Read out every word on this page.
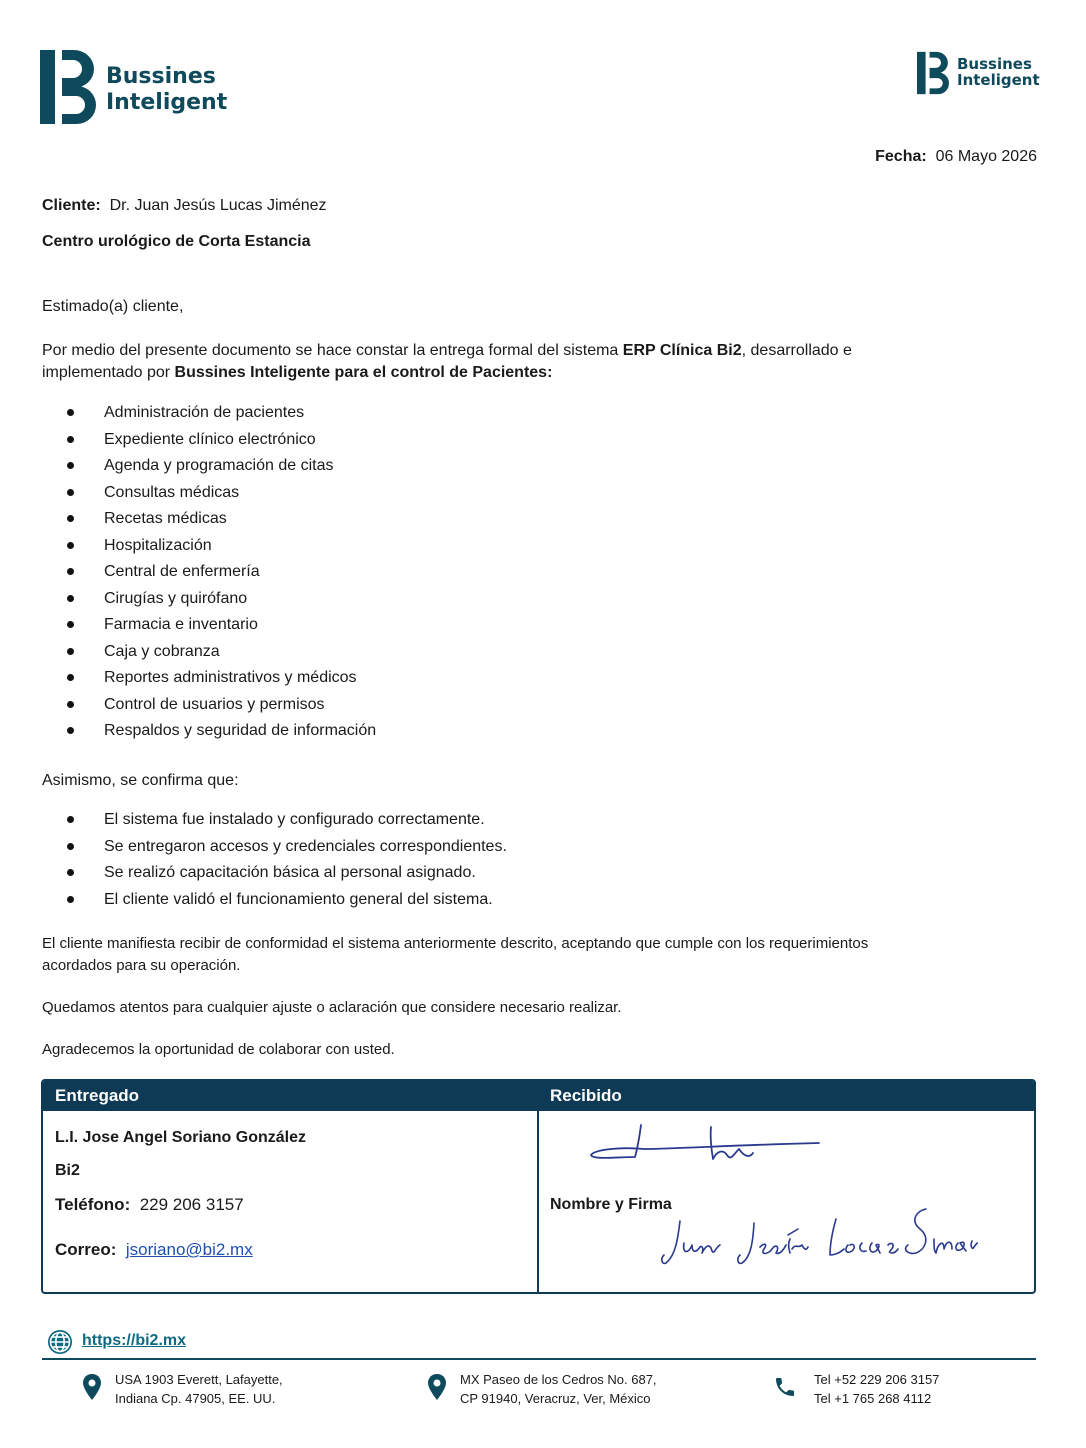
Bussines
Inteligent
Bussines
Inteligent
Fecha: 06 Mayo 2026
Cliente: Dr. Juan Jesús Lucas Jiménez
Centro urológico de Corta Estancia
Estimado(a) cliente,
Por medio del presente documento se hace constar la entrega formal del sistema ERP Clínica Bi2, desarrollado e
implementado por Bussines Inteligente para el control de Pacientes:
Administración de pacientes
Expediente clínico electrónico
Agenda y programación de citas
Consultas médicas
Recetas médicas
Hospitalización
Central de enfermería
Cirugías y quirófano
Farmacia e inventario
Caja y cobranza
Reportes administrativos y médicos
Control de usuarios y permisos
Respaldos y seguridad de información
Asimismo, se confirma que:
El sistema fue instalado y configurado correctamente.
Se entregaron accesos y credenciales correspondientes.
Se realizó capacitación básica al personal asignado.
El cliente validó el funcionamiento general del sistema.
El cliente manifiesta recibir de conformidad el sistema anteriormente descrito, aceptando que cumple con los requerimientos
acordados para su operación.
Quedamos atentos para cualquier ajuste o aclaración que considere necesario realizar.
Agradecemos la oportunidad de colaborar con usted.
Entregado	Recibido
L.I. Jose Angel Soriano González
Bi2
Teléfono: 229 206 3157
Correo: jsoriano@bi2.mx
Nombre y Firma
https://bi2.mx
USA 1903 Everett, Lafayette,
Indiana Cp. 47905, EE. UU.
MX Paseo de los Cedros No. 687,
CP 91940, Veracruz, Ver, México
Tel +52 229 206 3157
Tel +1 765 268 4112
